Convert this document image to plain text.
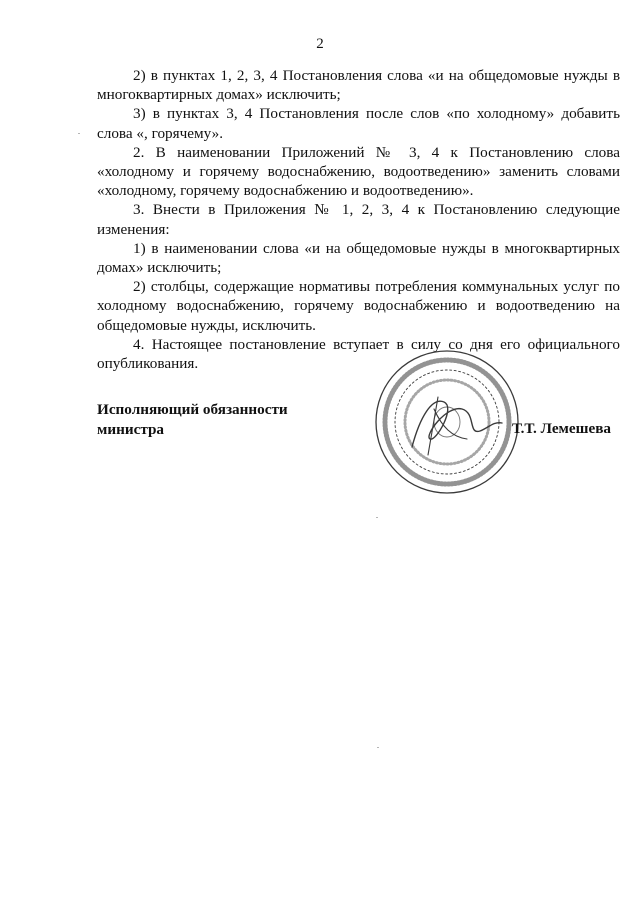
2

2) в пунктах 1, 2, 3, 4 Постановления слова «и на общедомовые нужды в многоквартирных домах» исключить;

3) в пунктах 3, 4 Постановления после слов «по холодному» добавить слова «, горячему».

2. В наименовании Приложений № 3, 4 к Постановлению слова «холодному и горячему водоснабжению, водоотведению» заменить словами «холодному, горячему водоснабжению и водоотведению».

3. Внести в Приложения № 1, 2, 3, 4 к Постановлению следующие изменения:

1) в наименовании слова «и на общедомовые нужды в многоквартирных домах» исключить;

2) столбцы, содержащие нормативы потребления коммунальных услуг по холодному водоснабжению, горячему водоснабжению и водоотведению на общедомовые нужды, исключить.

4. Настоящее постановление вступает в силу со дня его официального опубликования.

Исполняющий обязанности
министра	Т.Т. Лемешева
